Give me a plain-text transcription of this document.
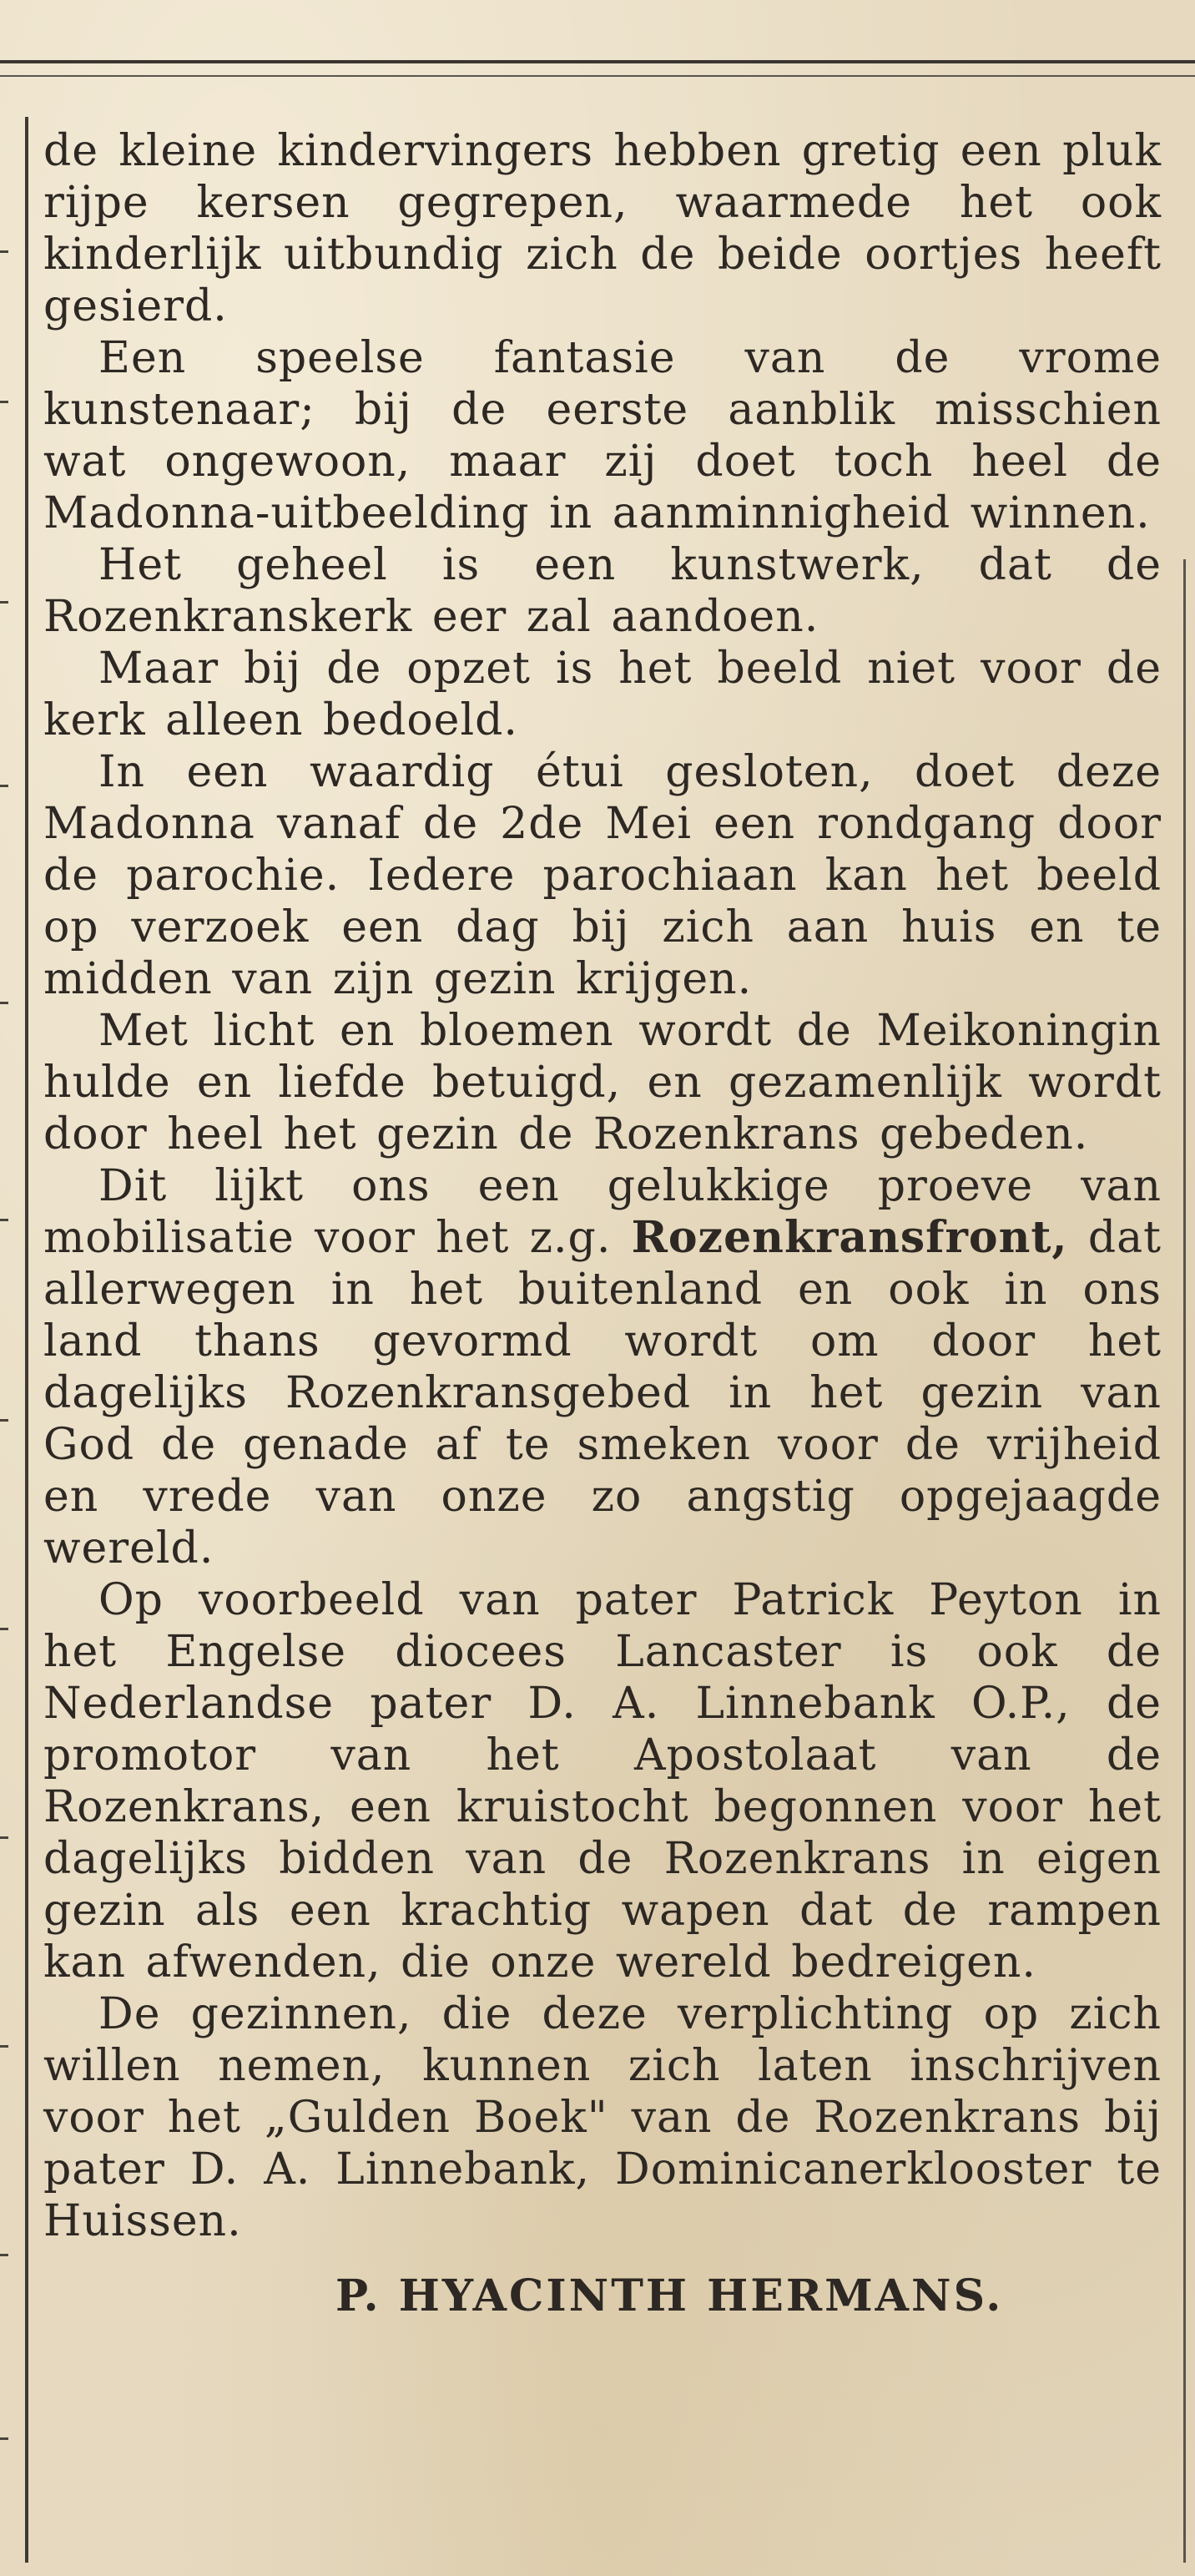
de kleine kindervingers hebben gretig een pluk rijpe kersen gegrepen, waarmede het ook kinderlijk uitbundig zich de beide oortjes heeft gesierd.

Een speelse fantasie van de vrome kunstenaar; bij de eerste aanblik misschien wat ongewoon, maar zij doet toch heel de Madonna-uitbeelding in aanminnigheid winnen.

Het geheel is een kunstwerk, dat de Rozenkranskerk eer zal aandoen.

Maar bij de opzet is het beeld niet voor de kerk alleen bedoeld.

In een waardig étui gesloten, doet deze Madonna vanaf de 2de Mei een rondgang door de parochie. Iedere parochiaan kan het beeld op verzoek een dag bij zich aan huis en te midden van zijn gezin krijgen.

Met licht en bloemen wordt de Meikoningin hulde en liefde betuigd, en gezamenlijk wordt door heel het gezin de Rozenkrans gebeden.

Dit lijkt ons een gelukkige proeve van mobilisatie voor het z.g. Rozenkransfront, dat allerwegen in het buitenland en ook in ons land thans gevormd wordt om door het dagelijks Rozenkransgebed in het gezin van God de genade af te smeken voor de vrijheid en vrede van onze zo angstig opgejaagde wereld.

Op voorbeeld van pater Patrick Peyton in het Engelse diocees Lancaster is ook de Nederlandse pater D. A. Linnebank O.P., de promotor van het Apostolaat van de Rozenkrans, een kruistocht begonnen voor het dagelijks bidden van de Rozenkrans in eigen gezin als een krachtig wapen dat de rampen kan afwenden, die onze wereld bedreigen.

De gezinnen, die deze verplichting op zich willen nemen, kunnen zich laten inschrijven voor het „Gulden Boek" van de Rozenkrans bij pater D. A. Linnebank, Dominicanerklooster te Huissen.

P. HYACINTH HERMANS.
